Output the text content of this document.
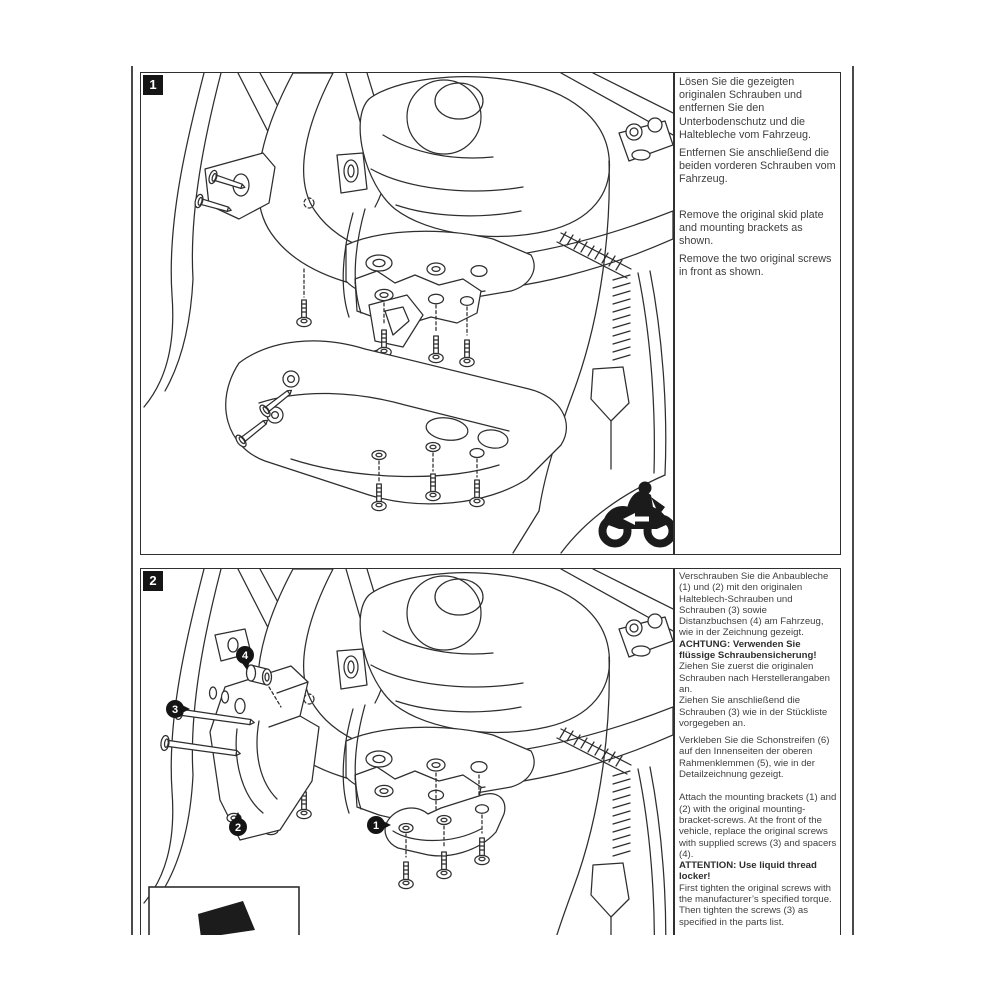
1	Lösen Sie die gezeigten originalen Schrauben und entfernen Sie den Unterbodenschutz und die Haltebleche vom Fahrzeug.

Entfernen Sie anschließend die beiden vorderen Schrauben vom Fahrzeug.

Remove the original skid plate and mounting brackets as shown.

Remove the two original screws in front as shown.

4
3
2	1
2	Verschrauben Sie die Anbaubleche (1) und (2) mit den originalen Halteblech-Schrauben und Schrauben (3) sowie Distanzbuchsen (4) am Fahrzeug, wie in der Zeichnung gezeigt.

ACHTUNG: Verwenden Sie flüssige Schraubensicherung!

Ziehen Sie zuerst die originalen Schrauben nach Herstellerangaben an.

Ziehen Sie anschließend die Schrauben (3) wie in der Stückliste vorgegeben an.

Verkleben Sie die Schonstreifen (6) auf den Innenseiten der oberen Rahmenklemmen (5), wie in der Detailzeichnung gezeigt.

Attach the mounting brackets (1) and (2) with the original mounting-bracket-screws. At the front of the vehicle, replace the original screws with supplied screws (3) and spacers (4).

ATTENTION: Use liquid thread locker!

First tighten the original screws with the manufacturer’s specified torque.

Then tighten the screws (3) as specified in the parts list.
